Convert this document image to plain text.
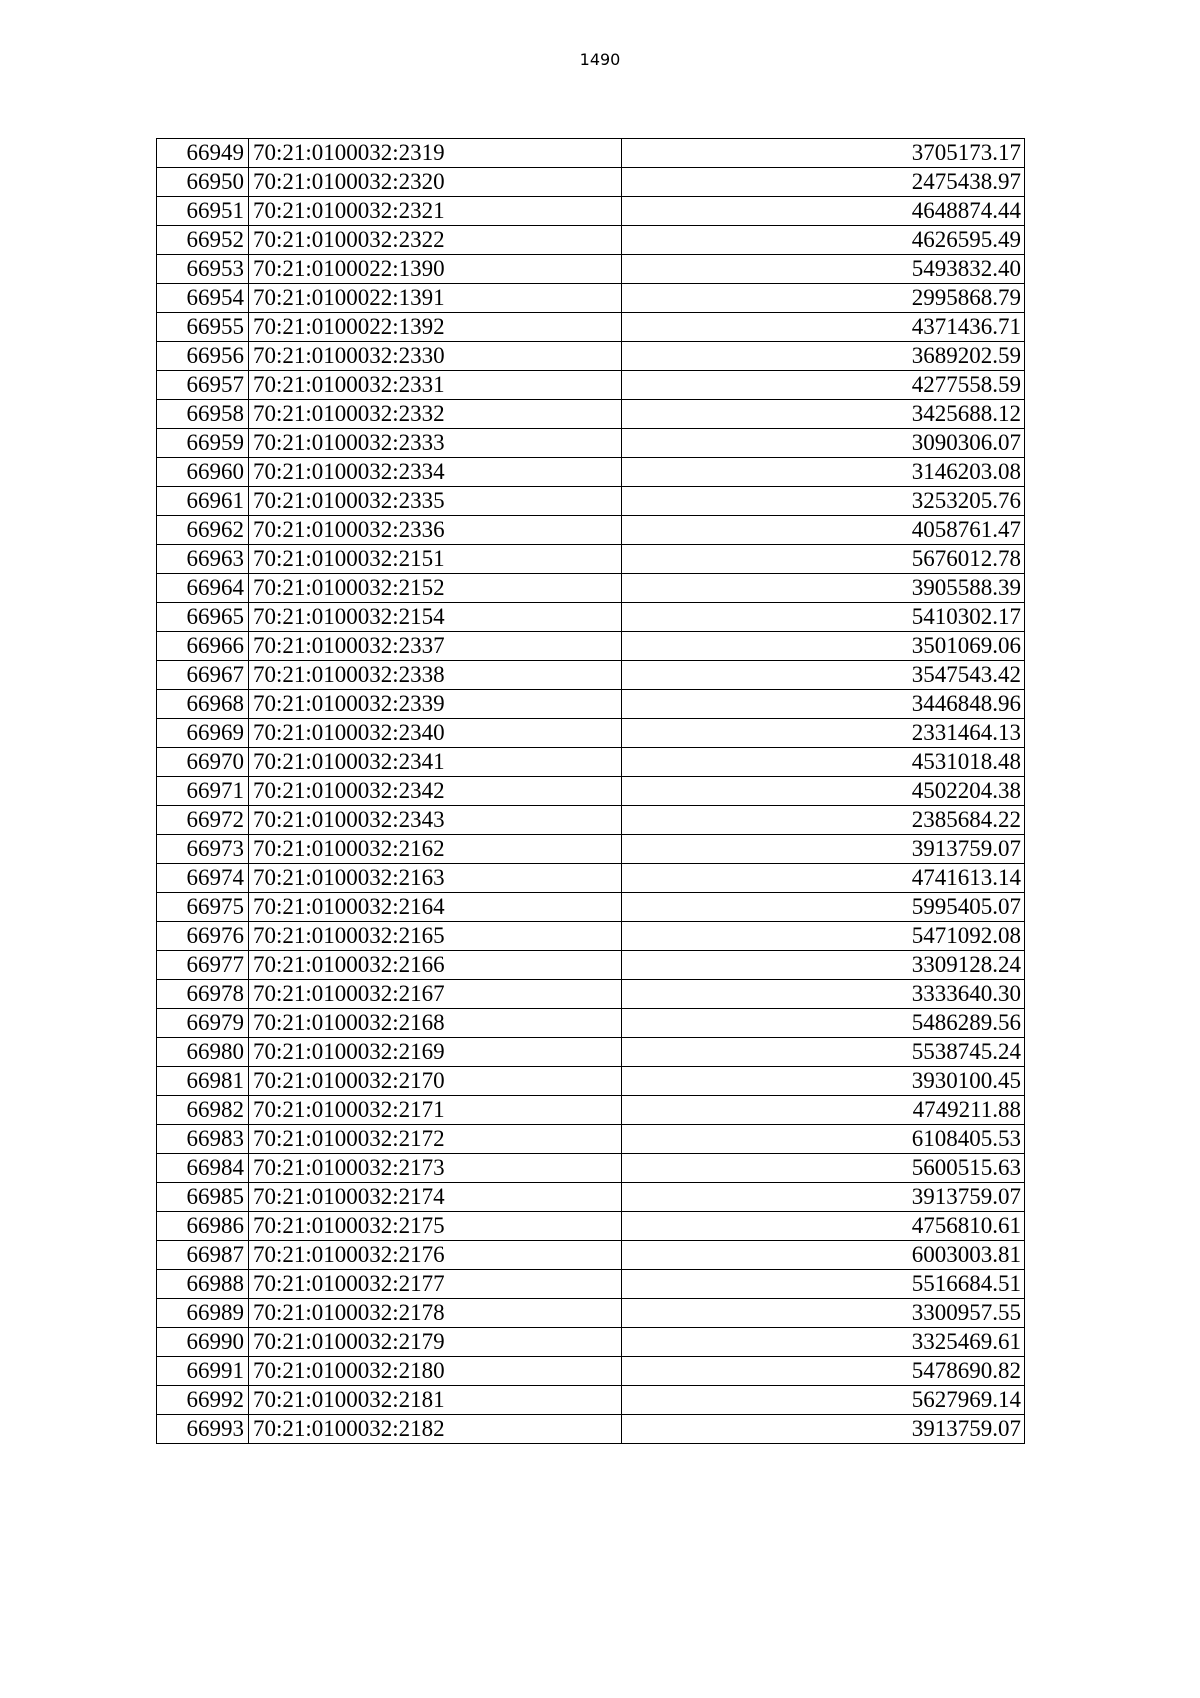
1490
66949	70:21:0100032:2319	3705173.17
66950	70:21:0100032:2320	2475438.97
66951	70:21:0100032:2321	4648874.44
66952	70:21:0100032:2322	4626595.49
66953	70:21:0100022:1390	5493832.40
66954	70:21:0100022:1391	2995868.79
66955	70:21:0100022:1392	4371436.71
66956	70:21:0100032:2330	3689202.59
66957	70:21:0100032:2331	4277558.59
66958	70:21:0100032:2332	3425688.12
66959	70:21:0100032:2333	3090306.07
66960	70:21:0100032:2334	3146203.08
66961	70:21:0100032:2335	3253205.76
66962	70:21:0100032:2336	4058761.47
66963	70:21:0100032:2151	5676012.78
66964	70:21:0100032:2152	3905588.39
66965	70:21:0100032:2154	5410302.17
66966	70:21:0100032:2337	3501069.06
66967	70:21:0100032:2338	3547543.42
66968	70:21:0100032:2339	3446848.96
66969	70:21:0100032:2340	2331464.13
66970	70:21:0100032:2341	4531018.48
66971	70:21:0100032:2342	4502204.38
66972	70:21:0100032:2343	2385684.22
66973	70:21:0100032:2162	3913759.07
66974	70:21:0100032:2163	4741613.14
66975	70:21:0100032:2164	5995405.07
66976	70:21:0100032:2165	5471092.08
66977	70:21:0100032:2166	3309128.24
66978	70:21:0100032:2167	3333640.30
66979	70:21:0100032:2168	5486289.56
66980	70:21:0100032:2169	5538745.24
66981	70:21:0100032:2170	3930100.45
66982	70:21:0100032:2171	4749211.88
66983	70:21:0100032:2172	6108405.53
66984	70:21:0100032:2173	5600515.63
66985	70:21:0100032:2174	3913759.07
66986	70:21:0100032:2175	4756810.61
66987	70:21:0100032:2176	6003003.81
66988	70:21:0100032:2177	5516684.51
66989	70:21:0100032:2178	3300957.55
66990	70:21:0100032:2179	3325469.61
66991	70:21:0100032:2180	5478690.82
66992	70:21:0100032:2181	5627969.14
66993	70:21:0100032:2182	3913759.07
